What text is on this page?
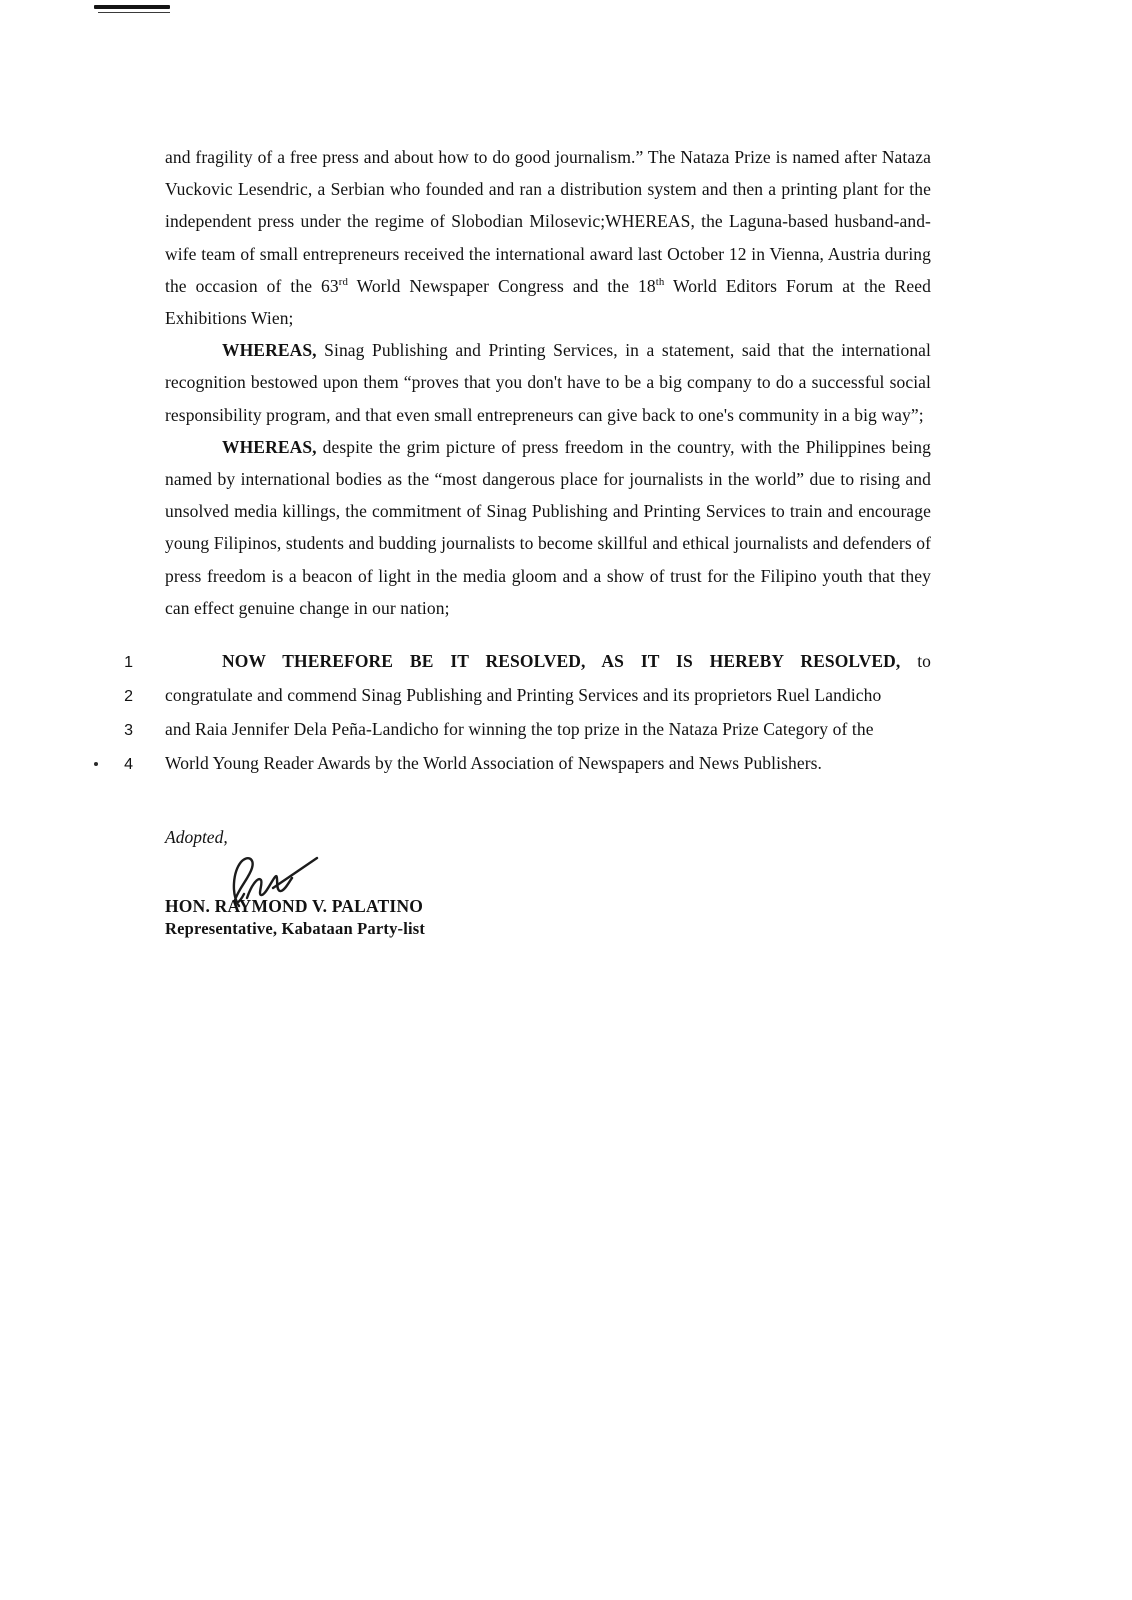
and fragility of a free press and about how to do good journalism.” The Nataza Prize is named after Nataza Vuckovic Lesendric, a Serbian who founded and ran a distribution system and then a printing plant for the independent press under the regime of Slobodian Milosevic;WHEREAS, the Laguna-based husband-and-wife team of small entrepreneurs received the international award last October 12 in Vienna, Austria during the occasion of the 63rd World Newspaper Congress and the 18th World Editors Forum at the Reed Exhibitions Wien;

WHEREAS, Sinag Publishing and Printing Services, in a statement, said that the international recognition bestowed upon them “proves that you don't have to be a big company to do a successful social responsibility program, and that even small entrepreneurs can give back to one's community in a big way”;

WHEREAS, despite the grim picture of press freedom in the country, with the Philippines being named by international bodies as the “most dangerous place for journalists in the world” due to rising and unsolved media killings, the commitment of Sinag Publishing and Printing Services to train and encourage young Filipinos, students and budding journalists to become skillful and ethical journalists and defenders of press freedom is a beacon of light in the media gloom and a show of trust for the Filipino youth that they can effect genuine change in our nation;

1	NOW THEREFORE BE IT RESOLVED, AS IT IS HEREBY RESOLVED, to
2 congratulate and commend Sinag Publishing and Printing Services and its proprietors Ruel Landicho
3 and Raia Jennifer Dela Peña-Landicho for winning the top prize in the Nataza Prize Category of the
4 World Young Reader Awards by the World Association of Newspapers and News Publishers.

Adopted,

HON. RAYMOND V. PALATINO

Representative, Kabataan Party-list
